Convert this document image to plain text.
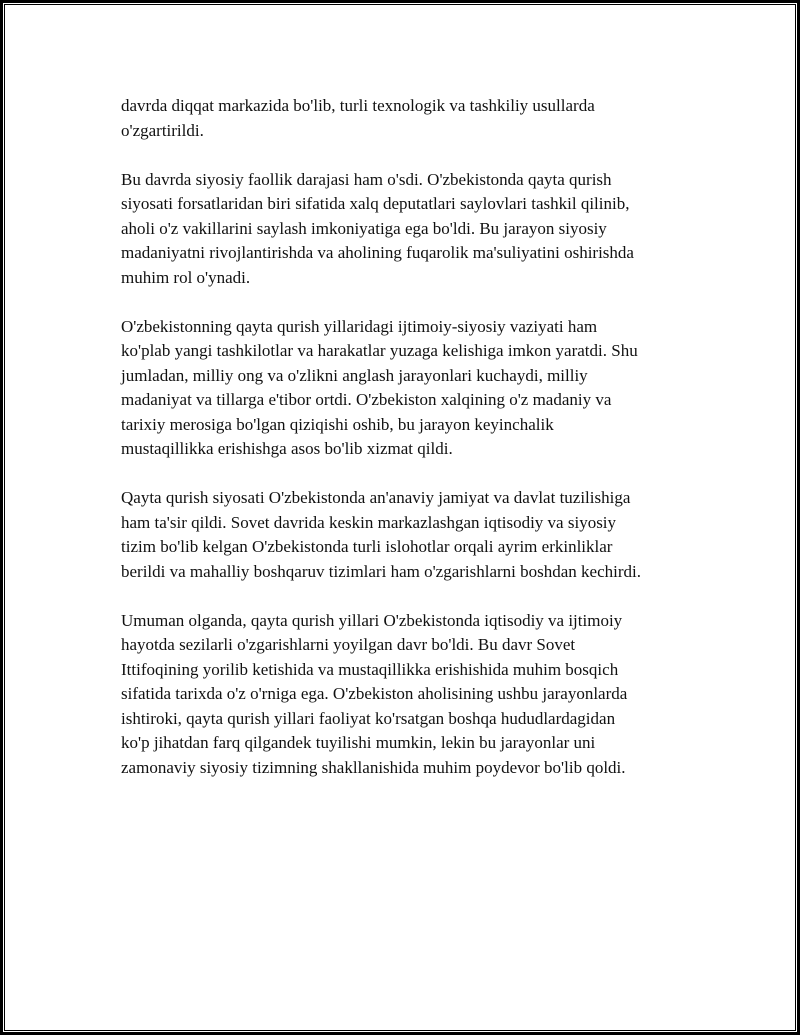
davrda diqqat markazida bo'lib, turli texnologik va tashkiliy usullarda
o'zgartirildi.

Bu davrda siyosiy faollik darajasi ham o'sdi. O'zbekistonda qayta qurish
siyosati forsatlaridan biri sifatida xalq deputatlari saylovlari tashkil qilinib,
aholi o'z vakillarini saylash imkoniyatiga ega bo'ldi. Bu jarayon siyosiy
madaniyatni rivojlantirishda va aholining fuqarolik ma'suliyatini oshirishda
muhim rol o'ynadi.

O'zbekistonning qayta qurish yillaridagi ijtimoiy-siyosiy vaziyati ham
ko'plab yangi tashkilotlar va harakatlar yuzaga kelishiga imkon yaratdi. Shu
jumladan, milliy ong va o'zlikni anglash jarayonlari kuchaydi, milliy
madaniyat va tillarga e'tibor ortdi. O'zbekiston xalqining o'z madaniy va
tarixiy merosiga bo'lgan qiziqishi oshib, bu jarayon keyinchalik
mustaqillikka erishishga asos bo'lib xizmat qildi.

Qayta qurish siyosati O'zbekistonda an'anaviy jamiyat va davlat tuzilishiga
ham ta'sir qildi. Sovet davrida keskin markazlashgan iqtisodiy va siyosiy
tizim bo'lib kelgan O'zbekistonda turli islohotlar orqali ayrim erkinliklar
berildi va mahalliy boshqaruv tizimlari ham o'zgarishlarni boshdan kechirdi.

Umuman olganda, qayta qurish yillari O'zbekistonda iqtisodiy va ijtimoiy
hayotda sezilarli o'zgarishlarni yoyilgan davr bo'ldi. Bu davr Sovet
Ittifoqining yorilib ketishida va mustaqillikka erishishida muhim bosqich
sifatida tarixda o'z o'rniga ega. O'zbekiston aholisining ushbu jarayonlarda
ishtiroki, qayta qurish yillari faoliyat ko'rsatgan boshqa hududlardagidan
ko'p jihatdan farq qilgandek tuyilishi mumkin, lekin bu jarayonlar uni
zamonaviy siyosiy tizimning shakllanishida muhim poydevor bo'lib qoldi.
